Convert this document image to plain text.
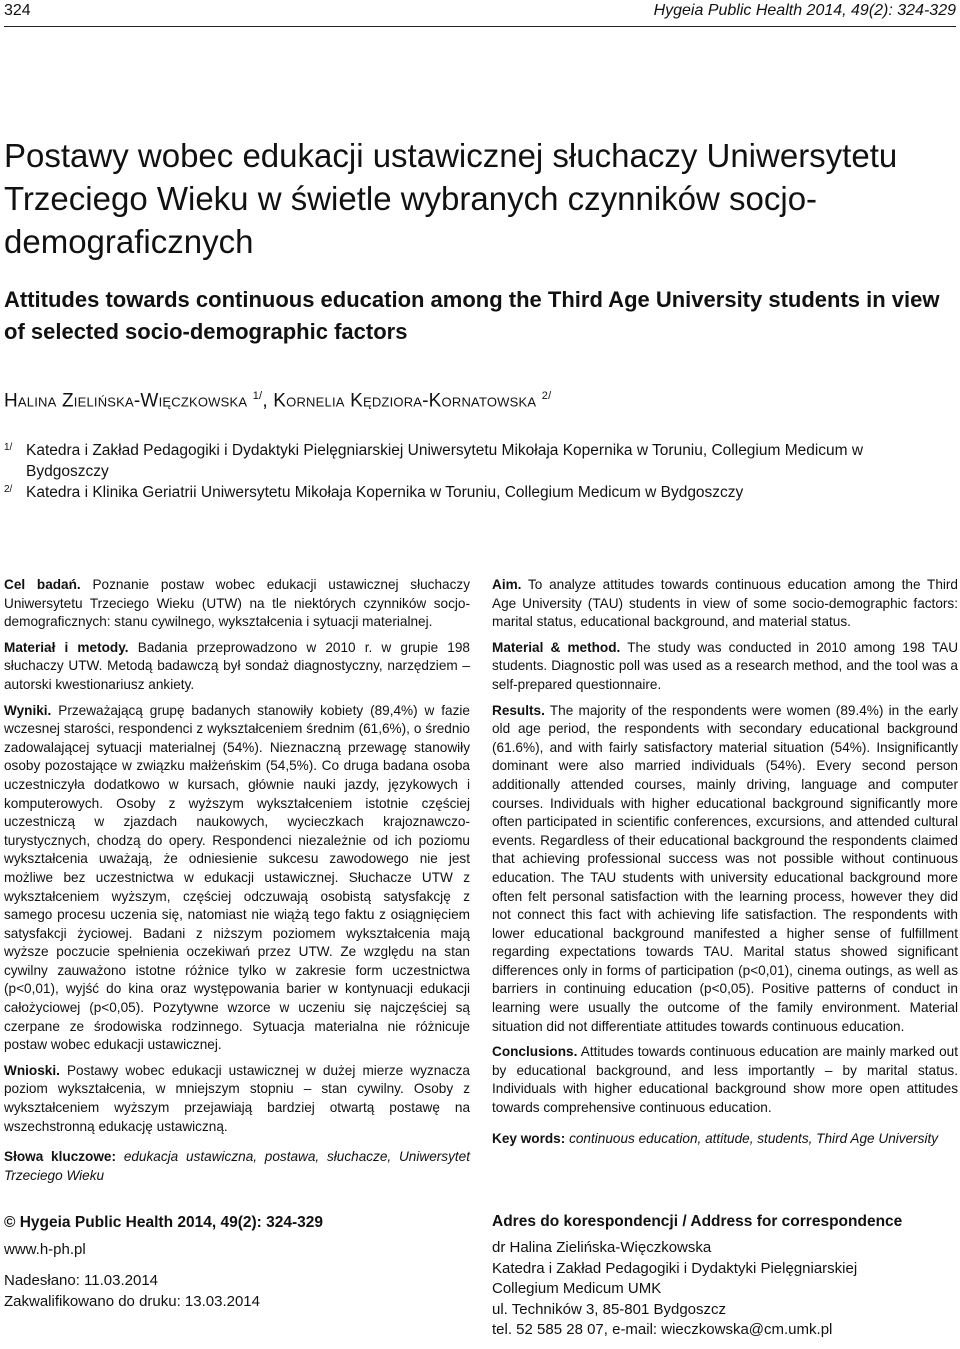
324	Hygeia Public Health 2014, 49(2): 324-329
Postawy wobec edukacji ustawicznej słuchaczy Uniwersytetu Trzeciego Wieku w świetle wybranych czynników socjo-demograficznych
Attitudes towards continuous education among the Third Age University students in view of selected socio-demographic factors
Halina Zielińska-Więczkowska $^{1/}$, Kornelia Kędziora-Kornatowska $^{2/}$
1/ Katedra i Zakład Pedagogiki i Dydaktyki Pielęgniarskiej Uniwersytetu Mikołaja Kopernika w Toruniu, Collegium Medicum w Bydgoszczy
2/ Katedra i Klinika Geriatrii Uniwersytetu Mikołaja Kopernika w Toruniu, Collegium Medicum w Bydgoszczy

Cel badań. Poznanie postaw wobec edukacji ustawicznej słuchaczy Uniwersytetu Trzeciego Wieku (UTW) na tle niektórych czynników socjo-demograficznych: stanu cywilnego, wykształcenia i sytuacji materialnej.

Materiał i metody. Badania przeprowadzono w 2010 r. w grupie 198 słuchaczy UTW. Metodą badawczą był sondaż diagnostyczny, narzędziem – autorski kwestionariusz ankiety.

Wyniki. Przeważającą grupę badanych stanowiły kobiety (89,4%) w fazie wczesnej starości, respondenci z wykształceniem średnim (61,6%), o średnio zadowalającej sytuacji materialnej (54%). Nieznaczną przewagę stanowiły osoby pozostające w związku małżeńskim (54,5%). Co druga badana osoba uczestniczyła dodatkowo w kursach, głównie nauki jazdy, językowych i komputerowych. Osoby z wyższym wykształceniem istotnie częściej uczestniczą w zjazdach naukowych, wycieczkach krajoznawczo-turystycznych, chodzą do opery. Respondenci niezależnie od ich poziomu wykształcenia uważają, że odniesienie sukcesu zawodowego nie jest możliwe bez uczestnictwa w edukacji ustawicznej. Słuchacze UTW z wykształceniem wyższym, częściej odczuwają osobistą satysfakcję z samego procesu uczenia się, natomiast nie wiążą tego faktu z osiągnięciem satysfakcji życiowej. Badani z niższym poziomem wykształcenia mają wyższe poczucie spełnienia oczekiwań przez UTW. Ze względu na stan cywilny zauważono istotne różnice tylko w zakresie form uczestnictwa (p<0,01), wyjść do kina oraz występowania barier w kontynuacji edukacji całożyciowej (p<0,05). Pozytywne wzorce w uczeniu się najczęściej są czerpane ze środowiska rodzinnego. Sytuacja materialna nie różnicuje postaw wobec edukacji ustawicznej.

Wnioski. Postawy wobec edukacji ustawicznej w dużej mierze wyznacza poziom wykształcenia, w mniejszym stopniu – stan cywilny. Osoby z wykształceniem wyższym przejawiają bardziej otwartą postawę na wszechstronną edukację ustawiczną.

Słowa kluczowe: edukacja ustawiczna, postawa, słuchacze, Uniwersytet Trzeciego Wieku

Aim. To analyze attitudes towards continuous education among the Third Age University (TAU) students in view of some socio-demographic factors: marital status, educational background, and material status.

Material & method. The study was conducted in 2010 among 198 TAU students. Diagnostic poll was used as a research method, and the tool was a self-prepared questionnaire.

Results. The majority of the respondents were women (89.4%) in the early old age period, the respondents with secondary educational background (61.6%), and with fairly satisfactory material situation (54%). Insignificantly dominant were also married individuals (54%). Every second person additionally attended courses, mainly driving, language and computer courses. Individuals with higher educational background significantly more often participated in scientific conferences, excursions, and attended cultural events. Regardless of their educational background the respondents claimed that achieving professional success was not possible without continuous education. The TAU students with university educational background more often felt personal satisfaction with the learning process, however they did not connect this fact with achieving life satisfaction. The respondents with lower educational background manifested a higher sense of fulfillment regarding expectations towards TAU. Marital status showed significant differences only in forms of participation (p<0,01), cinema outings, as well as barriers in continuing education (p<0,05). Positive patterns of conduct in learning were usually the outcome of the family environment. Material situation did not differentiate attitudes towards continuous education.

Conclusions. Attitudes towards continuous education are mainly marked out by educational background, and less importantly – by marital status. Individuals with higher educational background show more open attitudes towards comprehensive continuous education.

Key words: continuous education, attitude, students, Third Age University

© Hygeia Public Health 2014, 49(2): 324-329
www.h-ph.pl
Nadesłano: 11.03.2014
Zakwalifikowano do druku: 13.03.2014
Adres do korespondencji / Address for correspondence
dr Halina Zielińska-Więczkowska
Katedra i Zakład Pedagogiki i Dydaktyki Pielęgniarskiej
Collegium Medicum UMK
ul. Techników 3, 85-801 Bydgoszcz
tel. 52 585 28 07, e-mail: wieczkowska@cm.umk.pl
